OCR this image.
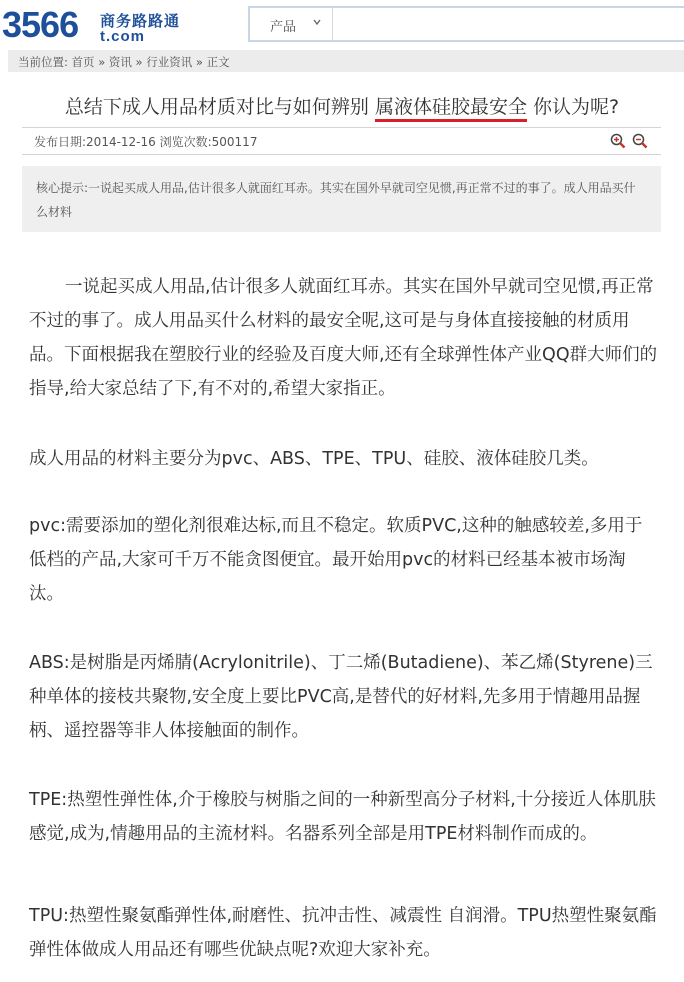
3566 商务路路通
t.com
产品
当前位置: 首页 » 资讯 » 行业资讯 » 正文
总结下成人用品材质对比与如何辨别 属液体硅胶最安全 你认为呢?
发布日期:2014-12-16 浏览次数:500117
核心提示:一说起买成人用品,估计很多人就面红耳赤。其实在国外早就司空见惯,再正常不过的事了。成人用品买什么材料

一说起买成人用品,估计很多人就面红耳赤。其实在国外早就司空见惯,再正常不过的事了。成人用品买什么材料的最安全呢,这可是与身体直接接触的材质用品。下面根据我在塑胶行业的经验及百度大师,还有全球弹性体产业QQ群大师们的指导,给大家总结了下,有不对的,希望大家指正。

成人用品的材料主要分为pvc、ABS、TPE、TPU、硅胶、液体硅胶几类。

pvc:需要添加的塑化剂很难达标,而且不稳定。软质PVC,这种的触感较差,多用于低档的产品,大家可千万不能贪图便宜。最开始用pvc的材料已经基本被市场淘汰。

ABS:是树脂是丙烯腈(Acrylonitrile)、丁二烯(Butadiene)、苯乙烯(Styrene)三种单体的接枝共聚物,安全度上要比PVC高,是替代的好材料,先多用于情趣用品握柄、遥控器等非人体接触面的制作。

TPE:热塑性弹性体,介于橡胶与树脂之间的一种新型高分子材料,十分接近人体肌肤感觉,成为,情趣用品的主流材料。名器系列全部是用TPE材料制作而成的。

TPU:热塑性聚氨酯弹性体,耐磨性、抗冲击性、减震性 自润滑。TPU热塑性聚氨酯弹性体做成人用品还有哪些优缺点呢?欢迎大家补充。
